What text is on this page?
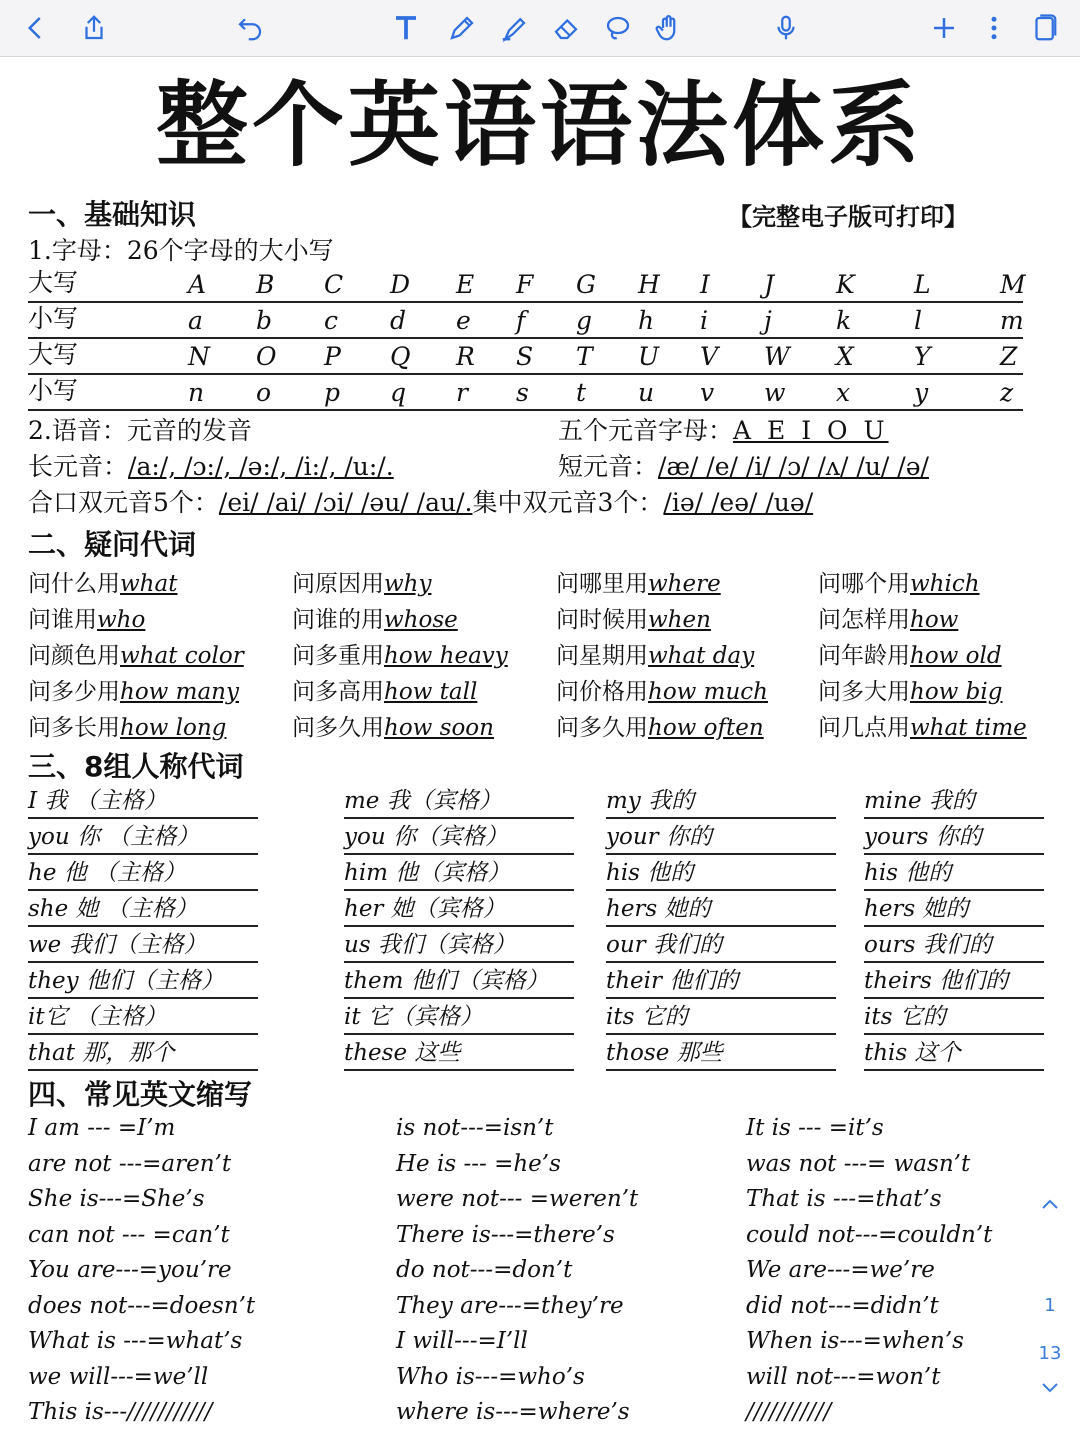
整个英语语法体系
一、基础知识	【完整电子版可打印】
1.字母：26个字母的大小写
大写	A B C D E F G H I J K L	M
小写	a b c d e f g h i j	k	l	m
大写	N O P Q R S T U V W X Y	Z
小写	n o p q r s t u v w x	y	z
2.语音：元音的发音	五个元音字母：A E I O U
长元音：/a:/, /ɔ:/, /ə:/, /i:/, /u:/.	短元音：/æ/ /e/ /i/ /ɔ/ /ʌ/ /u/ /ə/
合口双元音5个：/ei/ /ai/ /ɔi/ /əu/ /au/.集中双元音3个：/iə/ /eə/ /uə/
二、疑问代词
问什么用what	问原因用why	问哪里用where	问哪个用which
问谁用who	问谁的用whose	问时候用when	问怎样用how
问颜色用what color 问多重用how heavy 问星期用what day	问年龄用how old
问多少用how many 问多高用how tall	问价格用how much 问多大用how big
问多长用how long	问多久用how soon	问多久用how often 问几点用what time
三、8组人称代词
I 我 （主格）	me 我（宾格）	my 我的	mine 我的
you 你 （主格）	you 你（宾格）	your 你的	yours 你的
he 他 （主格）	him 他（宾格）	his 他的	his 他的
she 她 （主格）	her 她（宾格）	hers 她的	hers 她的
we 我们（主格）	us 我们（宾格）	our 我们的	ours 我们的
they 他们（主格）	them 他们（宾格） their 他们的	theirs 他们的
it它 （主格）	it 它（宾格）	its 它的	its 它的
that 那，那个	these 这些	those 那些	this 这个
四、常见英文缩写
I am --- =I’m	is not---=isn’t	It is --- =it’s
are not ---=aren’t	He is --- =he’s	was not ---= wasn’t
She is---=She’s	were not--- =weren’t	That is ---=that’s
can not --- =can’t	There is---=there’s	could not---=couldn’t
You are---=you’re	do not---=don’t	We are---=we’re
does not---=doesn’t	They are---=they’re	did not---=didn’t
What is ---=what’s	I will---=I’ll	When is---=when’s
we will---=we’ll	Who is---=who’s	will not---=won’t
This is---///////////	where is---=where’s	///////////
1
13
